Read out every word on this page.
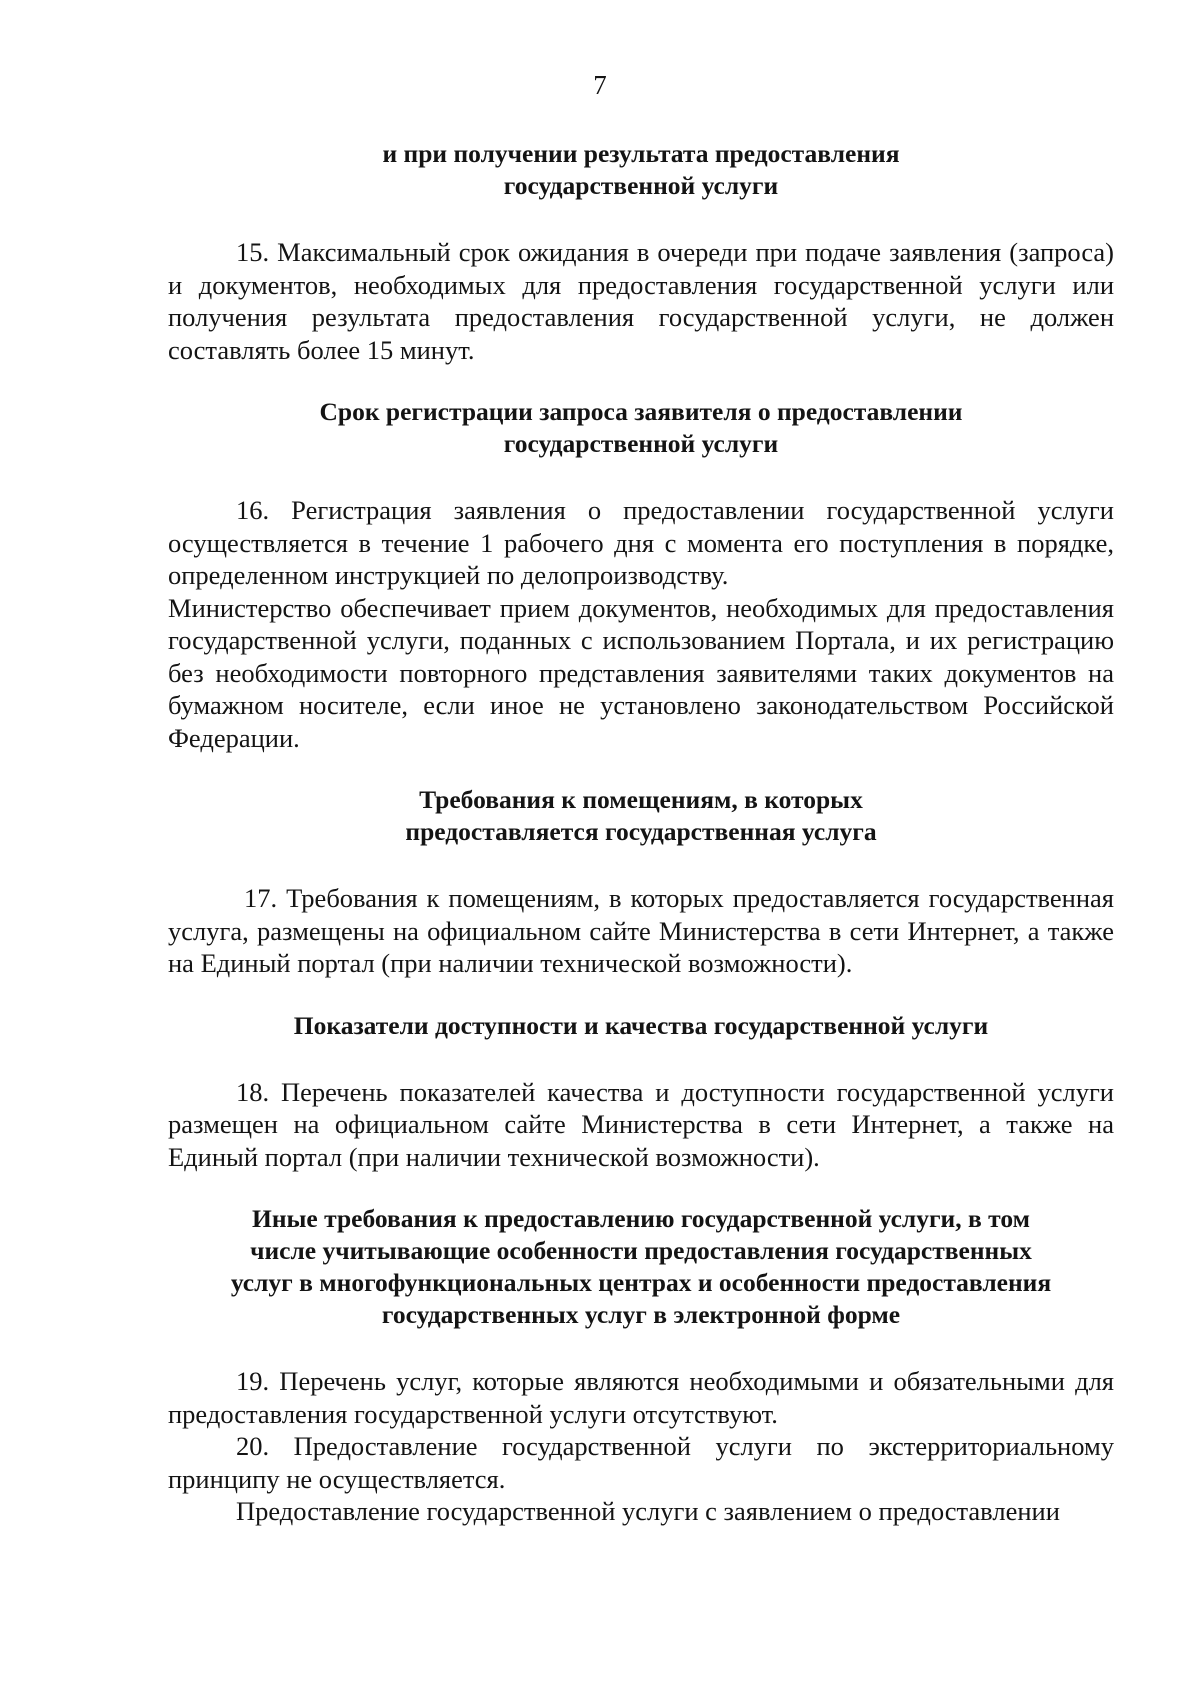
7
и при получении результата предоставления
государственной услуги

15. Максимальный срок ожидания в очереди при подаче заявления (запроса) и документов, необходимых для предоставления государственной услуги или получения результата предоставления государственной услуги, не должен составлять более 15 минут.

Срок регистрации запроса заявителя о предоставлении
государственной услуги

16. Регистрация заявления о предоставлении государственной услуги осуществляется в течение 1 рабочего дня с момента его поступления в порядке, определенном инструкцией по делопроизводству.

Министерство обеспечивает прием документов, необходимых для предоставления государственной услуги, поданных с использованием Портала, и их регистрацию без необходимости повторного представления заявителями таких документов на бумажном носителе, если иное не установлено законодательством Российской Федерации.

Требования к помещениям, в которых
предоставляется государственная услуга

17. Требования к помещениям, в которых предоставляется государственная услуга, размещены на официальном сайте Министерства в сети Интернет, а также на Единый портал (при наличии технической возможности).

Показатели доступности и качества государственной услуги

18. Перечень показателей качества и доступности государственной услуги размещен на официальном сайте Министерства в сети Интернет, а также на Единый портал (при наличии технической возможности).

Иные требования к предоставлению государственной услуги, в том
числе учитывающие особенности предоставления государственных
услуг в многофункциональных центрах и особенности предоставления
государственных услуг в электронной форме

19. Перечень услуг, которые являются необходимыми и обязательными для предоставления государственной услуги отсутствуют.

20. Предоставление государственной услуги по экстерриториальному принципу не осуществляется.

Предоставление государственной услуги с заявлением о предоставлении
